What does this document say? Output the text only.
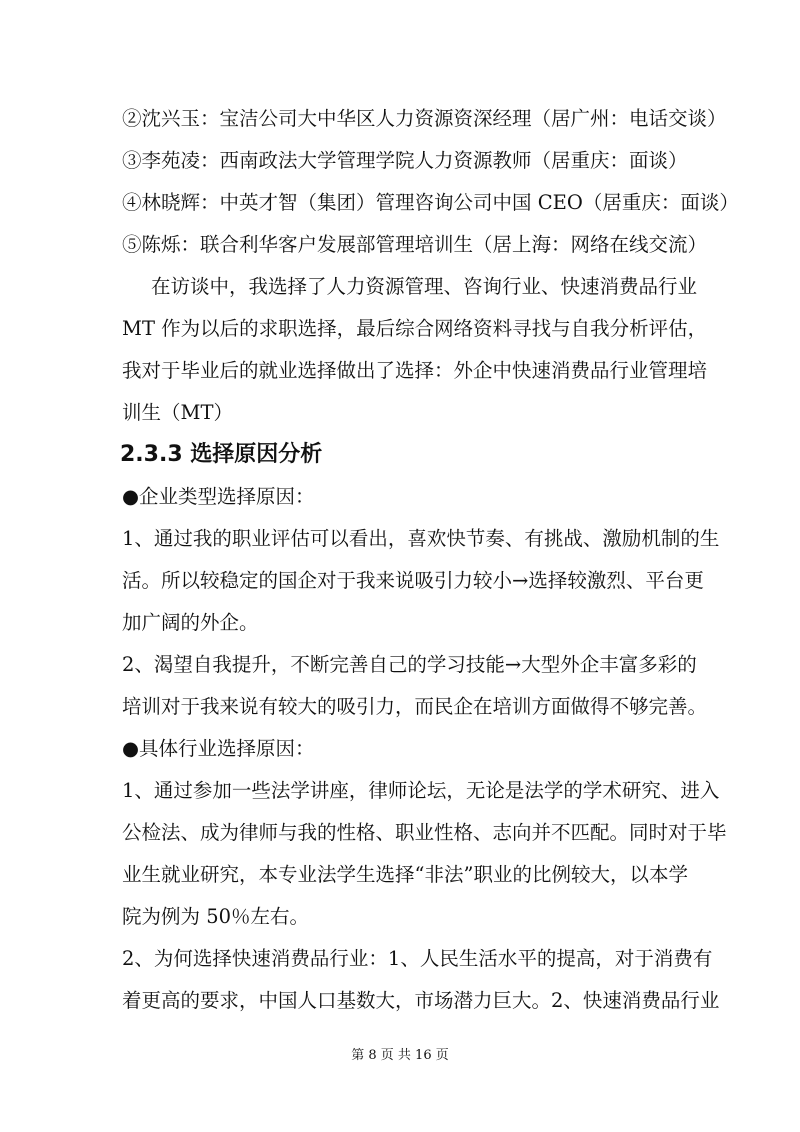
②沈兴玉：宝洁公司大中华区人力资源资深经理（居广州：电话交谈）
③李苑凌：西南政法大学管理学院人力资源教师（居重庆：面谈）
④林晓辉：中英才智（集团）管理咨询公司中国 CEO（居重庆：面谈）
⑤陈烁：联合利华客户发展部管理培训生（居上海：网络在线交流）
在访谈中，我选择了人力资源管理、咨询行业、快速消费品行业
MT 作为以后的求职选择，最后综合网络资料寻找与自我分析评估，
我对于毕业后的就业选择做出了选择：外企中快速消费品行业管理培
训生（MT）
2.3.3 选择原因分析
●企业类型选择原因：
1、通过我的职业评估可以看出，喜欢快节奏、有挑战、激励机制的生
活。所以较稳定的国企对于我来说吸引力较小→选择较激烈、平台更
加广阔的外企。
2、渴望自我提升，不断完善自己的学习技能→大型外企丰富多彩的
培训对于我来说有较大的吸引力，而民企在培训方面做得不够完善。
●具体行业选择原因：
1、通过参加一些法学讲座，律师论坛，无论是法学的学术研究、进入
公检法、成为律师与我的性格、职业性格、志向并不匹配。同时对于毕
业生就业研究，本专业法学生选择“非法”职业的比例较大，以本学
院为例为 50％左右。
2、为何选择快速消费品行业：1、人民生活水平的提高，对于消费有
着更高的要求，中国人口基数大，市场潜力巨大。2、快速消费品行业
第 8 页 共 16 页
